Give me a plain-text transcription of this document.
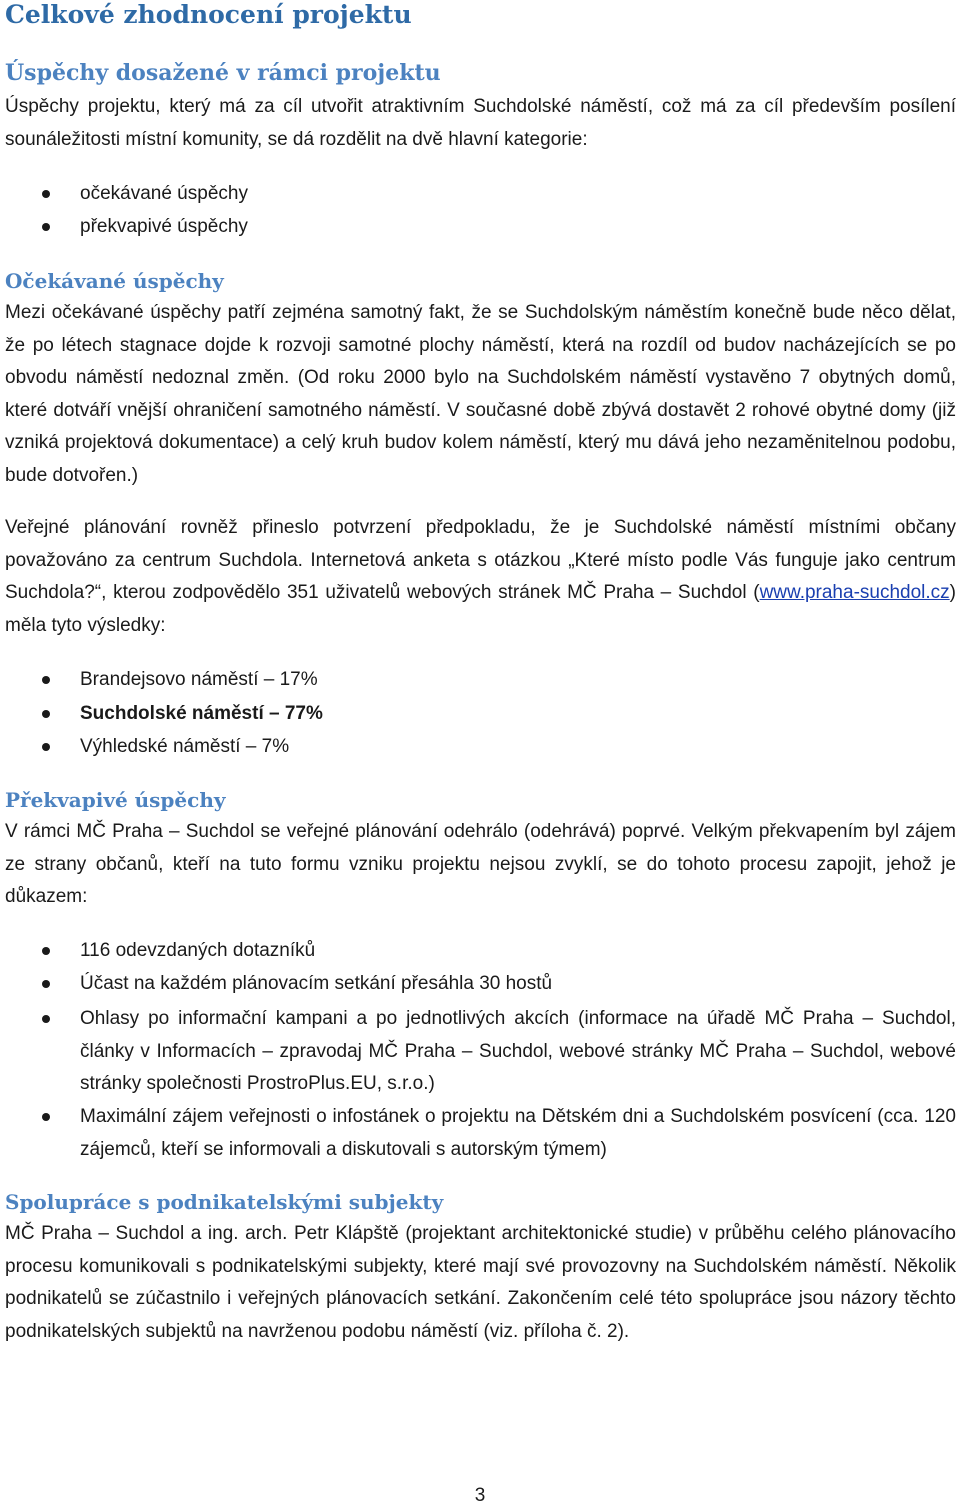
Celkové zhodnocení projektu
Úspěchy dosažené v rámci projektu
Úspěchy projektu, který má za cíl utvořit atraktivním Suchdolské náměstí, což má za cíl především posílení sounáležitosti místní komunity, se dá rozdělit na dvě hlavní kategorie:
očekávané úspěchy
překvapivé úspěchy
Očekávané úspěchy
Mezi očekávané úspěchy patří zejména samotný fakt, že se Suchdolským náměstím konečně bude něco dělat, že po létech stagnace dojde k rozvoji samotné plochy náměstí, která na rozdíl od budov nacházejících se po obvodu náměstí nedoznal změn. (Od roku 2000 bylo na Suchdolském náměstí vystavěno 7 obytných domů, které dotváří vnější ohraničení samotného náměstí. V současné době zbývá dostavět 2 rohové obytné domy (již vzniká projektová dokumentace) a celý kruh budov kolem náměstí, který mu dává jeho nezaměnitelnou podobu, bude dotvořen.)
Veřejné plánování rovněž přineslo potvrzení předpokladu, že je Suchdolské náměstí místními občany považováno za centrum Suchdola. Internetová anketa s otázkou „Které místo podle Vás funguje jako centrum Suchdola?“, kterou zodpovědělo 351 uživatelů webových stránek MČ Praha – Suchdol (www.praha-suchdol.cz) měla tyto výsledky:
Brandejsovo náměstí – 17%
Suchdolské náměstí – 77%
Výhledské náměstí – 7%
Překvapivé úspěchy
V rámci MČ Praha – Suchdol se veřejné plánování odehrálo (odehrává) poprvé. Velkým překvapením byl zájem ze strany občanů, kteří na tuto formu vzniku projektu nejsou zvyklí, se do tohoto procesu zapojit, jehož je důkazem:
116 odevzdaných dotazníků
Účast na každém plánovacím setkání přesáhla 30 hostů
Ohlasy po informační kampani a po jednotlivých akcích (informace na úřadě MČ Praha – Suchdol, články v Informacích – zpravodaj MČ Praha – Suchdol, webové stránky MČ Praha – Suchdol, webové stránky společnosti ProstroPlus.EU, s.r.o.)
Maximální zájem veřejnosti o infostánek o projektu na Dětském dni a Suchdolském posvícení (cca. 120 zájemců, kteří se informovali a diskutovali s autorským týmem)
Spolupráce s podnikatelskými subjekty
MČ Praha – Suchdol a ing. arch. Petr Klápště (projektant architektonické studie) v průběhu celého plánovacího procesu komunikovali s podnikatelskými subjekty, které mají své provozovny na Suchdolském náměstí. Několik podnikatelů se zúčastnilo i veřejných plánovacích setkání. Zakončením celé této spolupráce jsou názory těchto podnikatelských subjektů na navrženou podobu náměstí (viz. příloha č. 2).
3
